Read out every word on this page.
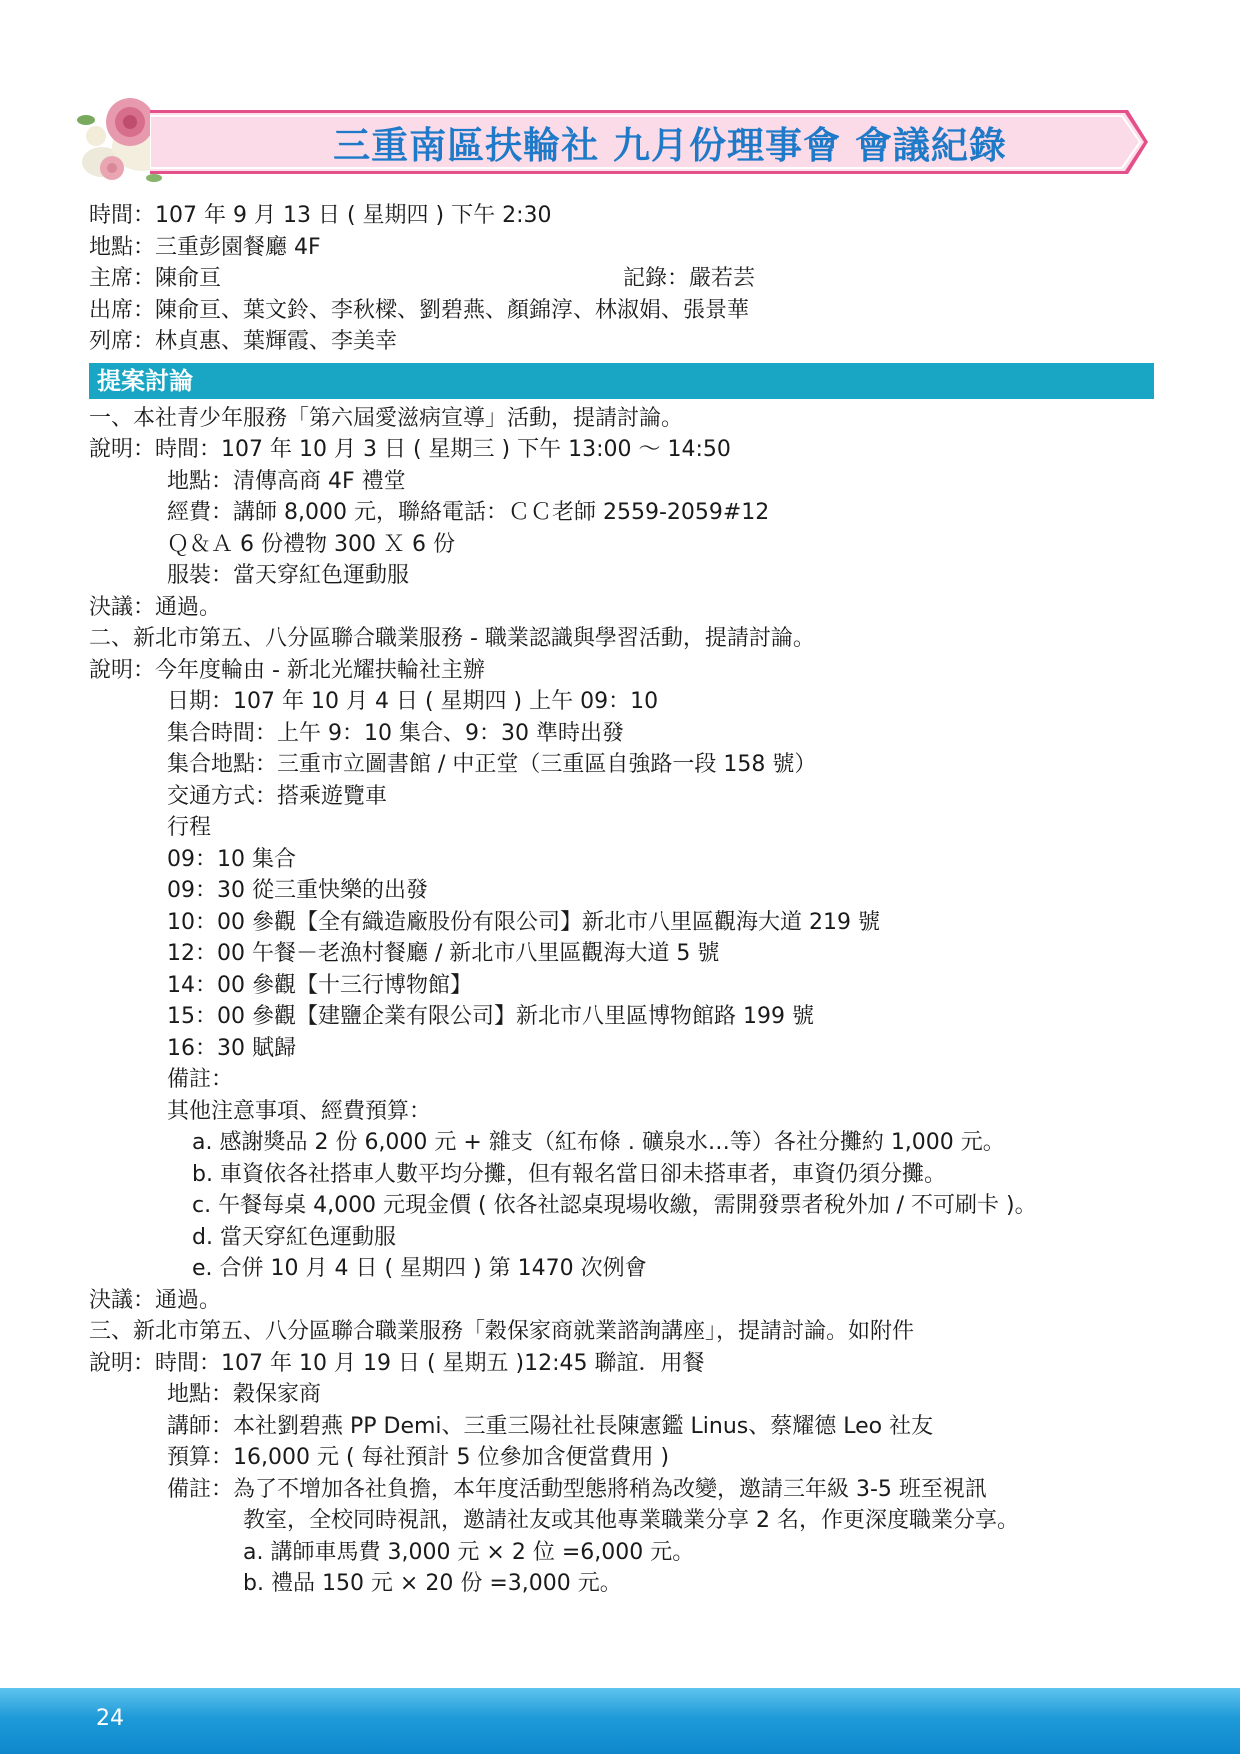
三重南區扶輪社 九月份理事會 會議紀錄
時間：107 年 9 月 13 日 ( 星期四 ) 下午 2:30
地點：三重彭園餐廳 4F
主席：陳俞亘	記錄：嚴若芸
出席：陳俞亘、葉文鈴、李秋樑、劉碧燕、顏錦淳、林淑娟、張景華
列席：林貞惠、葉輝霞、李美幸
提案討論
一、本社青少年服務「第六屆愛滋病宣導」活動，提請討論。
說明：時間：107 年 10 月 3 日 ( 星期三 ) 下午 13:00 ～ 14:50
地點：清傳高商 4F 禮堂
經費：講師 8,000 元，聯絡電話：ＣＣ老師 2559-2059#12
Ｑ＆Ａ 6 份禮物 300 Ｘ 6 份
服裝：當天穿紅色運動服
決議：通過。
二、新北市第五、八分區聯合職業服務 - 職業認識與學習活動，提請討論。
說明：今年度輪由 - 新北光耀扶輪社主辦
日期：107 年 10 月 4 日 ( 星期四 ) 上午 09：10
集合時間：上午 9：10 集合、9：30 準時出發
集合地點：三重市立圖書館 / 中正堂（三重區自強路一段 158 號）
交通方式：搭乘遊覽車
行程
09：10 集合
09：30 從三重快樂的出發
10：00 參觀【全有織造廠股份有限公司】新北市八里區觀海大道 219 號
12：00 午餐－老漁村餐廳 / 新北市八里區觀海大道 5 號
14：00 參觀【十三行博物館】
15：00 參觀【建鹽企業有限公司】新北市八里區博物館路 199 號
16：30 賦歸
備註：
其他注意事項、經費預算：
a. 感謝獎品 2 份 6,000 元 + 雜支（紅布條 . 礦泉水…等）各社分攤約 1,000 元。
b. 車資依各社搭車人數平均分攤，但有報名當日卻未搭車者，車資仍須分攤。
c. 午餐每桌 4,000 元現金價 ( 依各社認桌現場收繳，需開發票者稅外加 / 不可刷卡 )。
d. 當天穿紅色運動服
e. 合併 10 月 4 日 ( 星期四 ) 第 1470 次例會
決議：通過。
三、新北市第五、八分區聯合職業服務「穀保家商就業諮詢講座」，提請討論。如附件
說明：時間：107 年 10 月 19 日 ( 星期五 )12:45 聯誼．用餐
地點：穀保家商
講師：本社劉碧燕 PP Demi、三重三陽社社長陳憲鑑 Linus、蔡耀德 Leo 社友
預算：16,000 元 ( 每社預計 5 位參加含便當費用 )
備註：為了不增加各社負擔，本年度活動型態將稍為改變，邀請三年級 3-5 班至視訊
教室，全校同時視訊，邀請社友或其他專業職業分享 2 名，作更深度職業分享。
a. 講師車馬費 3,000 元 × 2 位 =6,000 元。
b. 禮品 150 元 × 20 份 =3,000 元。
24
